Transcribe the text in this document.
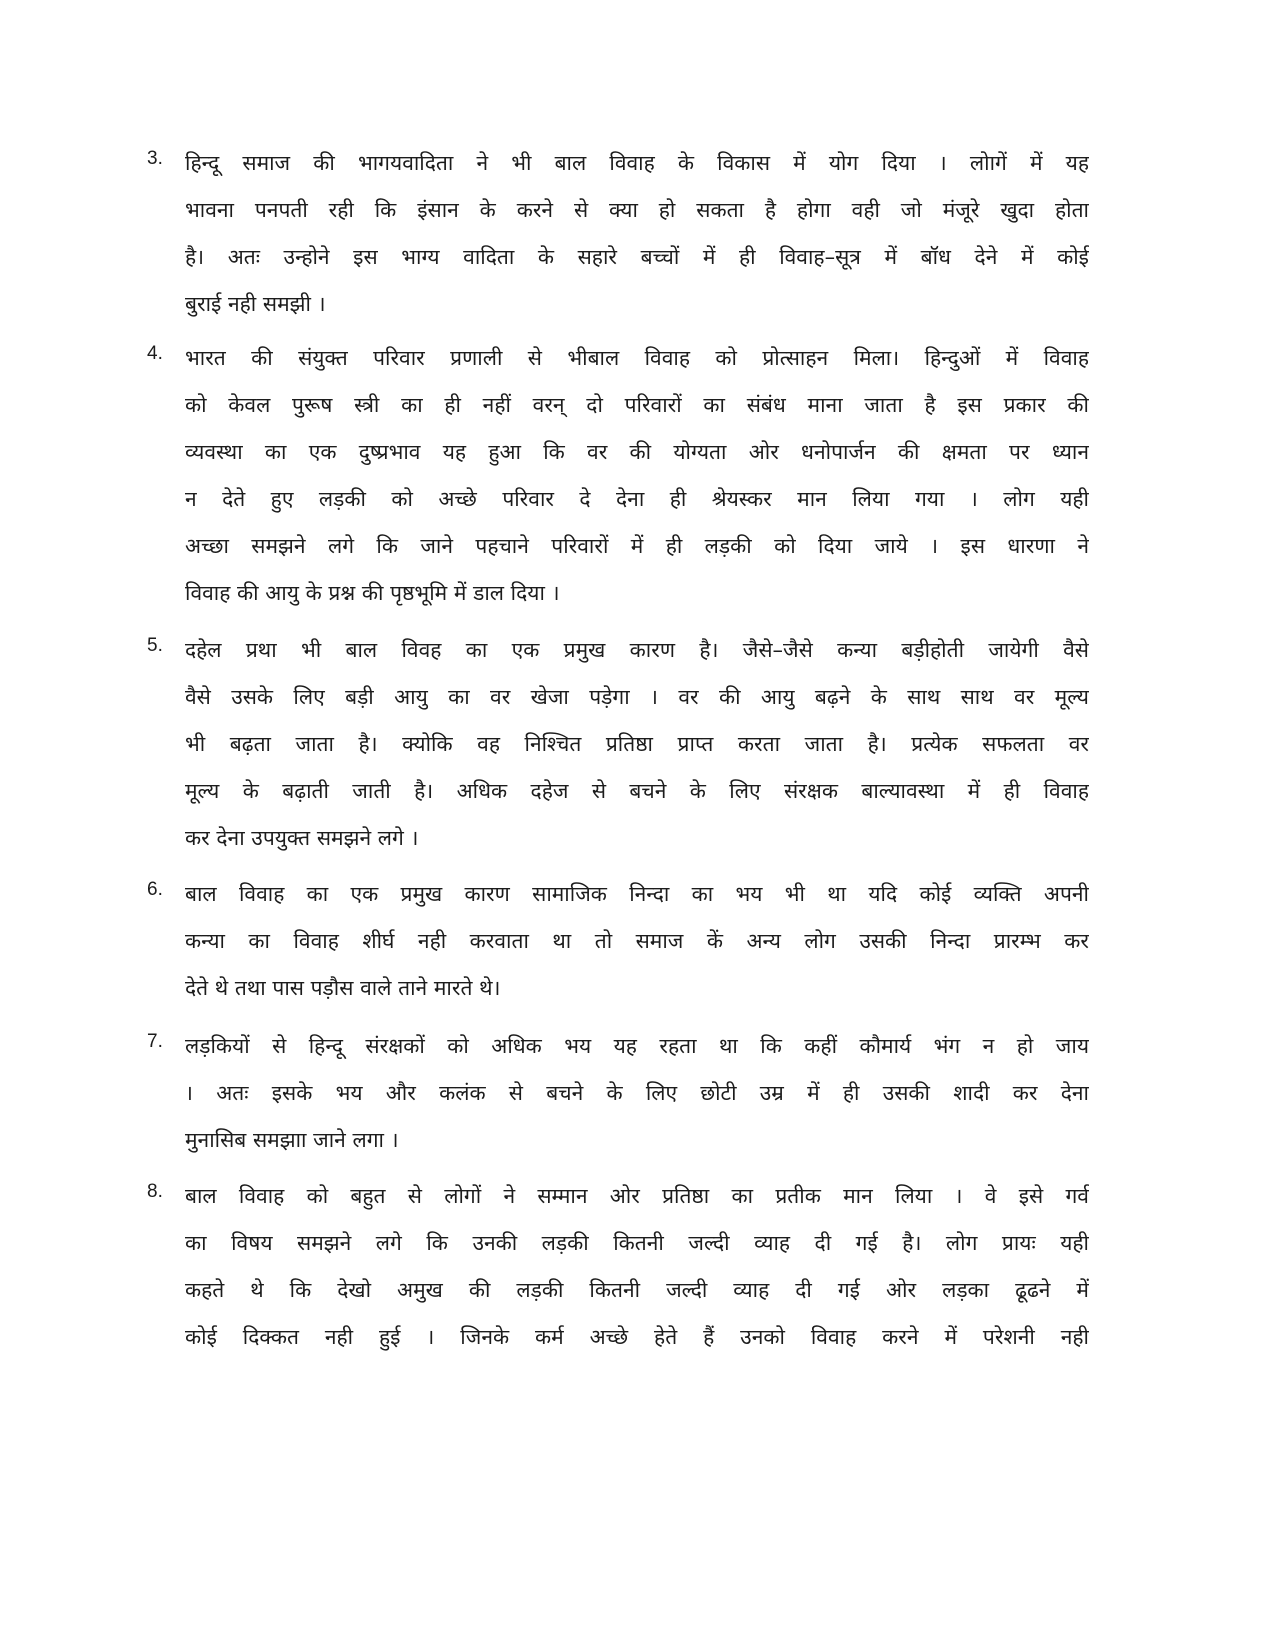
3. हिन्दू समाज की भागयवादिता ने भी बाल विवाह के विकास में योग दिया । लोागें में यह
भावना पनपती रही कि इंसान के करने से क्या हो सकता है होगा वही जो मंजूरे खुदा होता
है। अतः उन्होने इस भाग्य वादिता के सहारे बच्चों में ही विवाह–सूत्र में बॉध देने में कोई
बुराई नही समझी ।
4. भारत की संयुक्त परिवार प्रणाली से भीबाल विवाह को प्रोत्साहन मिला। हिन्दुओं में विवाह
को केवल पुरूष स्त्री का ही नहीं वरन् दो परिवारों का संबंध माना जाता है इस प्रकार की
व्यवस्था का एक दुष्प्रभाव यह हुआ कि वर की योग्यता ओर धनोपार्जन की क्षमता पर ध्यान
न देते हुए लड़की को अच्छे परिवार दे देना ही श्रेयस्कर मान लिया गया । लोग यही
अच्छा समझने लगे कि जाने पहचाने परिवारों में ही लड़की को दिया जाये । इस धारणा ने
विवाह की आयु के प्रश्न की पृष्ठभूमि में डाल दिया ।
5. दहेल प्रथा भी बाल विवह का एक प्रमुख कारण है। जैसे–जैसे कन्या बड़ीहोती जायेगी वैसे
वैसे उसके लिए बड़ी आयु का वर खेजा पड़ेगा । वर की आयु बढ़ने के साथ साथ वर मूल्य
भी बढ़ता जाता है। क्योकि वह निश्चित प्रतिष्ठा प्राप्त करता जाता है। प्रत्येक सफलता वर
मूल्य के बढ़ाती जाती है। अधिक दहेज से बचने के लिए संरक्षक बाल्यावस्था में ही विवाह
कर देना उपयुक्त समझने लगे ।
6. बाल विवाह का एक प्रमुख कारण सामाजिक निन्दा का भय भी था यदि कोई व्यक्ति अपनी
कन्या का विवाह शीर्घ नही करवाता था तो समाज कें अन्य लोग उसकी निन्दा प्रारम्भ कर
देते थे तथा पास पड़ौस वाले ताने मारते थे।
7. लड़कियों से हिन्दू संरक्षकों को अधिक भय यह रहता था कि कहीं कौमार्य भंग न हो जाय
। अतः इसके भय और कलंक से बचने के लिए छोटी उम्र में ही उसकी शादी कर देना
मुनासिब समझाा जाने लगा ।
8. बाल विवाह को बहुत से लोगों ने सम्मान ओर प्रतिष्ठा का प्रतीक मान लिया । वे इसे गर्व
का विषय समझने लगे कि उनकी लड़की कितनी जल्दी व्याह दी गई है। लोग प्रायः यही
कहते थे कि देखो अमुख की लड़की कितनी जल्दी व्याह दी गई ओर लड़का ढूढने में
कोई दिक्कत नही हुई । जिनके कर्म अच्छे हेते हैं उनको विवाह करने में परेशनी नही
